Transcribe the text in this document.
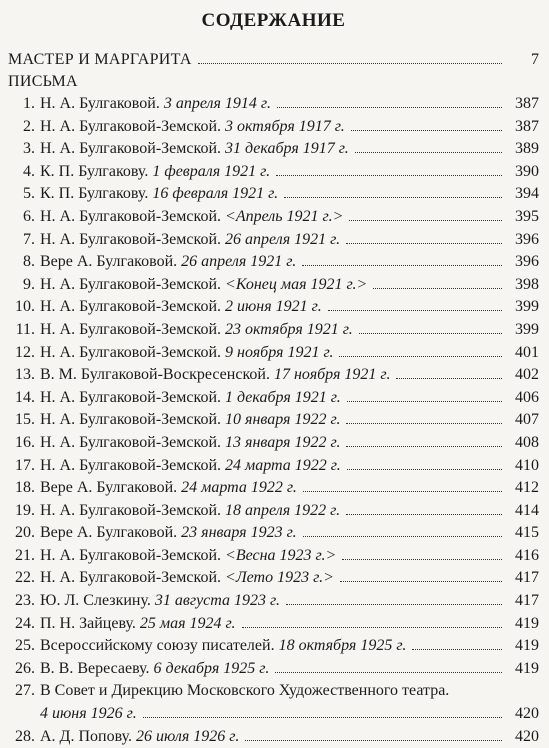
СОДЕРЖАНИЕ
МАСТЕР И МАРГАРИТА	7
ПИСЬМА
1. Н. А. Булгаковой. 3 апреля 1914 г.	387
2. Н. А. Булгаковой-Земской. 3 октября 1917 г.	387
3. Н. А. Булгаковой-Земской. 31 декабря 1917 г.	389
4. К. П. Булгакову. 1 февраля 1921 г.	390
5. К. П. Булгакову. 16 февраля 1921 г.	394
6. Н. А. Булгаковой-Земской. <Апрель 1921 г.>	395
7. Н. А. Булгаковой-Земской. 26 апреля 1921 г.	396
8. Вере А. Булгаковой. 26 апреля 1921 г.	396
9. Н. А. Булгаковой-Земской. <Конец мая 1921 г.>	398
10. Н. А. Булгаковой-Земской. 2 июня 1921 г.	399
11. Н. А. Булгаковой-Земской. 23 октября 1921 г.	399
12. Н. А. Булгаковой-Земской. 9 ноября 1921 г.	401
13. В. М. Булгаковой-Воскресенской. 17 ноября 1921 г.	402
14. Н. А. Булгаковой-Земской. 1 декабря 1921 г.	406
15. Н. А. Булгаковой-Земской. 10 января 1922 г.	407
16. Н. А. Булгаковой-Земской. 13 января 1922 г.	408
17. Н. А. Булгаковой-Земской. 24 марта 1922 г.	410
18. Вере А. Булгаковой. 24 марта 1922 г.	412
19. Н. А. Булгаковой-Земской. 18 апреля 1922 г.	414
20. Вере А. Булгаковой. 23 января 1923 г.	415
21. Н. А. Булгаковой-Земской. <Весна 1923 г.>	416
22. Н. А. Булгаковой-Земской. <Лето 1923 г.>	417
23. Ю. Л. Слезкину. 31 августа 1923 г.	417
24. П. Н. Зайцеву. 25 мая 1924 г.	419
25. Всероссийскому союзу писателей. 18 октября 1925 г.	419
26. В. В. Вересаеву. 6 декабря 1925 г.	419
27. В Совет и Дирекцию Московского Художественного театра.
4 июня 1926 г.	420
28. А. Д. Попову. 26 июля 1926 г.	420
